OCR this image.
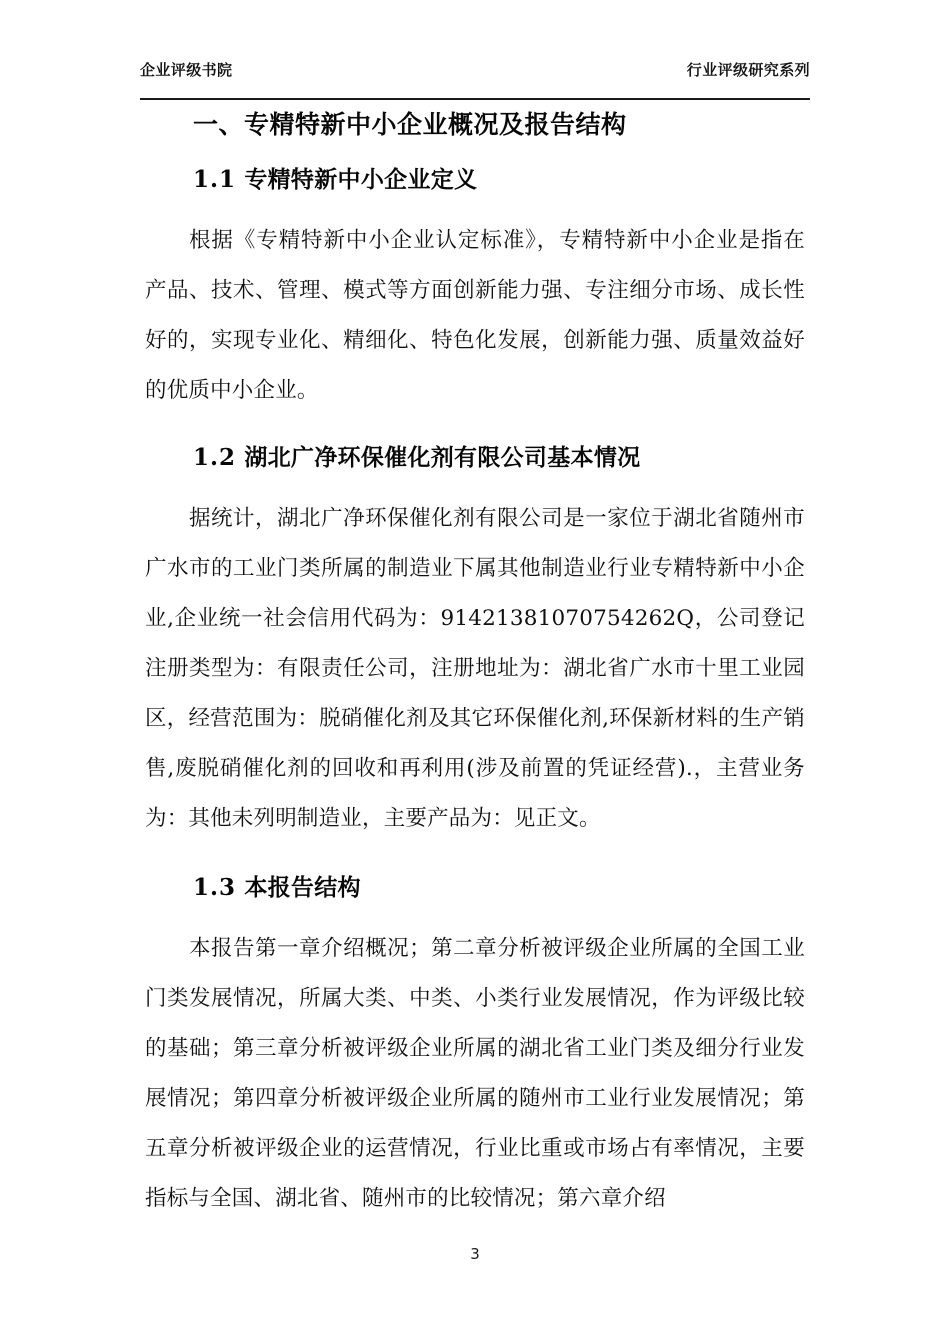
企业评级书院	行业评级研究系列
一、专精特新中小企业概况及报告结构
1.1 专精特新中小企业定义

根据《专精特新中小企业认定标准》，专精特新中小企业是指在产品、技术、管理、模式等方面创新能力强、专注细分市场、成长性好的，实现专业化、精细化、特色化发展，创新能力强、质量效益好的优质中小企业。

1.2 湖北广净环保催化剂有限公司基本情况

据统计，湖北广净环保催化剂有限公司是一家位于湖北省随州市广水市的工业门类所属的制造业下属其他制造业行业专精特新中小企业,企业统一社会信用代码为：91421381070754262Q，公司登记注册类型为：有限责任公司，注册地址为：湖北省广水市十里工业园区，经营范围为：脱硝催化剂及其它环保催化剂,环保新材料的生产销售,废脱硝催化剂的回收和再利用(涉及前置的凭证经营).，主营业务为：其他未列明制造业，主要产品为：见正文。

1.3 本报告结构

本报告第一章介绍概况；第二章分析被评级企业所属的全国工业门类发展情况，所属大类、中类、小类行业发展情况，作为评级比较的基础；第三章分析被评级企业所属的湖北省工业门类及细分行业发展情况；第四章分析被评级企业所属的随州市工业行业发展情况；第五章分析被评级企业的运营情况，行业比重或市场占有率情况，主要指标与全国、湖北省、随州市的比较情况；第六章介绍

3
